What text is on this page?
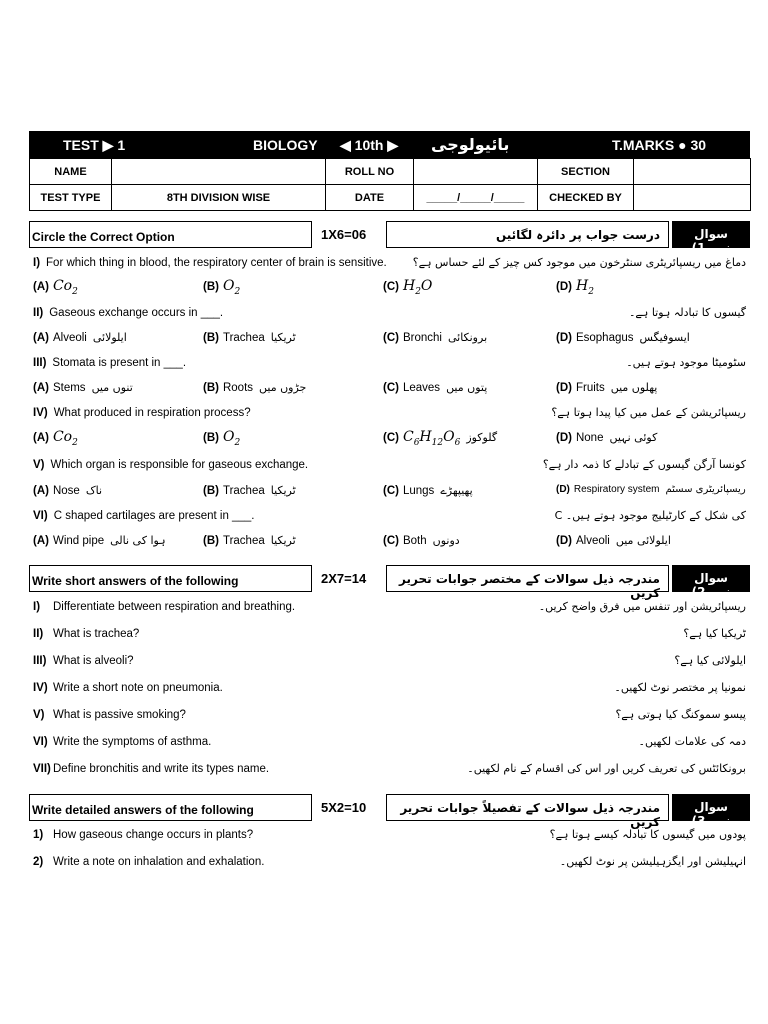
TEST ▶ 1	BIOLOGY ◀ 10th ▶ بائیولوجی	T.MARKS ● 30
NAME		ROLL NO		SECTION	
TEST TYPE	8TH DIVISION WISE	DATE	_____/_____/_____	CHECKED BY	
Circle the Correct Option	1X6=06	درست جواب پر دائرہ لگائیں	سوال نمبر1)
I) For which thing in blood, the respiratory center of brain is sensitive. دماغ میں ریسپائریٹری سنٹرخون میں موجود کس چیز کے لئے حساس ہے؟
(A) $Co_2$	(B) $O_2$	(C) $H_2O$	(D) $H_2$
II) Gaseous exchange occurs in ___.	گیسوں کا تبادلہ ہوتا ہے۔
(A) Alveoli ایلولائی	(B) Trachea ٹریکیا	(C) Bronchi برونکائی	(D) Esophagus ایسوفیگس
III) Stomata is present in ___.	سٹومیٹا موجود ہوتے ہیں۔
(A) Stems تنوں میں	(B) Roots جڑوں میں	(C) Leaves پتوں میں	(D) Fruits پھلوں میں
IV) What produced in respiration process?	ریسپائریشن کے عمل میں کیا پیدا ہوتا ہے؟
(A) $Co_2$	(B) $O_2$	(C) $C_6H_{12}O_6$ گلوکوز	(D) None کوئی نہیں
V) Which organ is responsible for gaseous exchange.	کونسا آرگن گیسوں کے تبادلے کا ذمہ دار ہے؟
(A) Nose ناک	(B) Trachea ٹریکیا	(C) Lungs پھیپھڑے	(D) Respiratory system ریسپائریٹری سسٹم
VI) C shaped cartilages are present in ___.	C کی شکل کے کارٹیلیج موجود ہوتے ہیں۔
(A) Wind pipe ہوا کی نالی	(B) Trachea ٹریکیا	(C) Both دونوں	(D) Alveoli ایلولائی میں
Write short answers of the following	2X7=14	مندرجہ ذیل سوالات کے مختصر جوابات تحریر کریں
سوال نمبر2)
I) Differentiate between respiration and breathing.	ریسپائریشن اور تنفس میں فرق واضح کریں۔
II) What is trachea?	ٹریکیا کیا ہے؟
III) What is alveoli?	ایلولائی کیا ہے؟
IV) Write a short note on pneumonia.	نمونیا پر مختصر نوٹ لکھیں۔
V) What is passive smoking?	پیسو سموکنگ کیا ہوتی ہے؟
VI) Write the symptoms of asthma.	دمہ کی علامات لکھیں۔
VII) Define bronchitis and write its types name.	برونکائٹس کی تعریف کریں اور اس کی اقسام کے نام لکھیں۔
Write detailed answers of the following	5X2=10	مندرجہ ذیل سوالات کے تفصیلاً جوابات تحریر کریں
سوال نمبر3)
1) How gaseous change occurs in plants?	پودوں میں گیسوں کا تبادلہ کیسے ہوتا ہے؟
2) Write a note on inhalation and exhalation.	انہیلیشن اور ایگزہیلیشن پر نوٹ لکھیں۔
